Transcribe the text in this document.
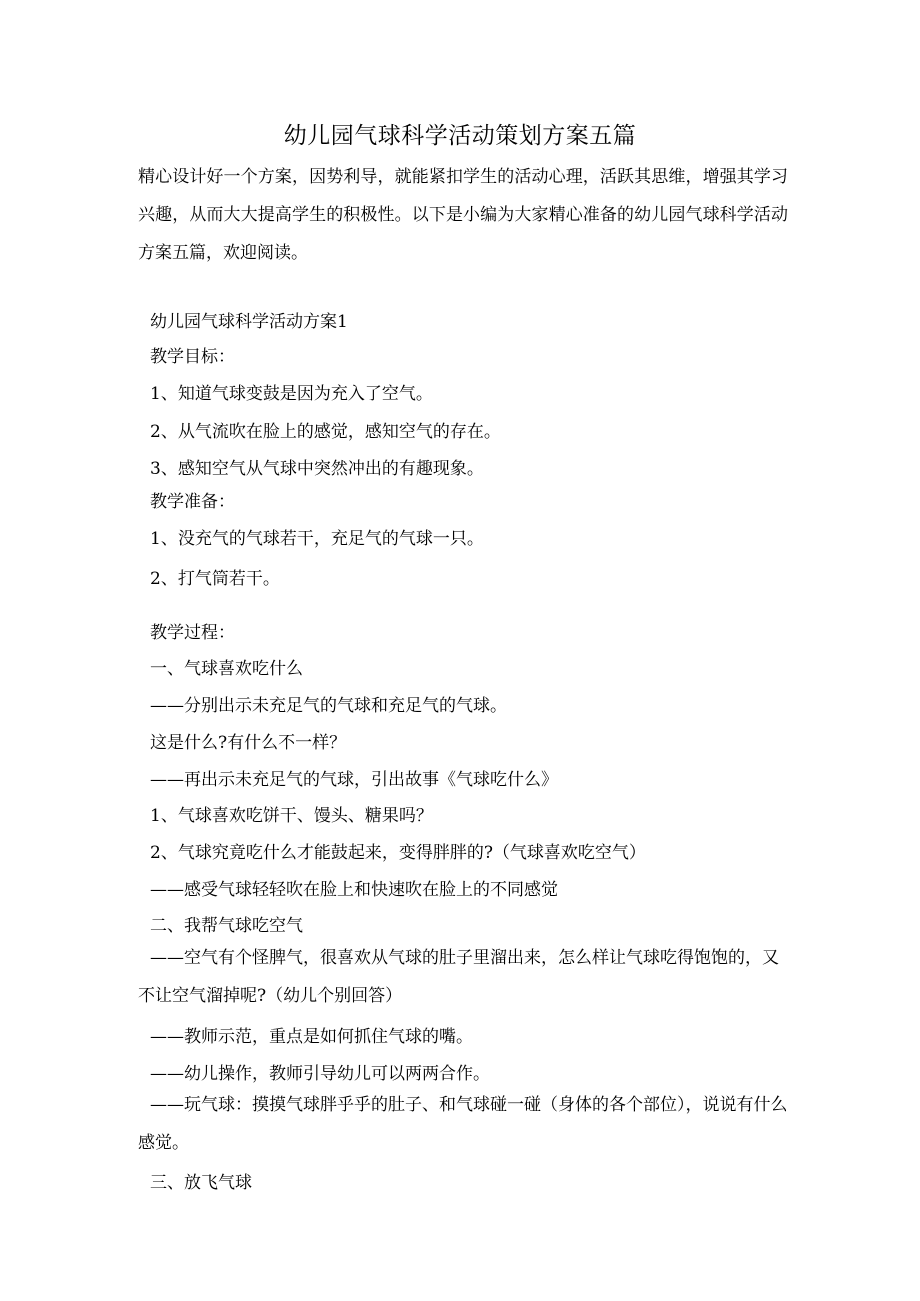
幼儿园气球科学活动策划方案五篇
精心设计好一个方案，因势利导，就能紧扣学生的活动心理，活跃其思维，增强其学习兴趣，从而大大提高学生的积极性。以下是小编为大家精心准备的幼儿园气球科学活动方案五篇，欢迎阅读。
幼儿园气球科学活动方案1
教学目标：
1、知道气球变鼓是因为充入了空气。
2、从气流吹在脸上的感觉，感知空气的存在。
3、感知空气从气球中突然冲出的有趣现象。
教学准备：
1、没充气的气球若干，充足气的气球一只。
2、打气筒若干。
教学过程：
一、气球喜欢吃什么
——分别出示未充足气的气球和充足气的气球。
这是什么?有什么不一样？
——再出示未充足气的气球，引出故事《气球吃什么》
1、气球喜欢吃饼干、馒头、糖果吗？
2、气球究竟吃什么才能鼓起来，变得胖胖的?（气球喜欢吃空气）
——感受气球轻轻吹在脸上和快速吹在脸上的不同感觉
二、我帮气球吃空气
——空气有个怪脾气，很喜欢从气球的肚子里溜出来，怎么样让气球吃得饱饱的，又不让空气溜掉呢?（幼儿个别回答）
——教师示范，重点是如何抓住气球的嘴。
——幼儿操作，教师引导幼儿可以两两合作。
——玩气球：摸摸气球胖乎乎的肚子、和气球碰一碰（身体的各个部位），说说有什么感觉。
三、放飞气球
